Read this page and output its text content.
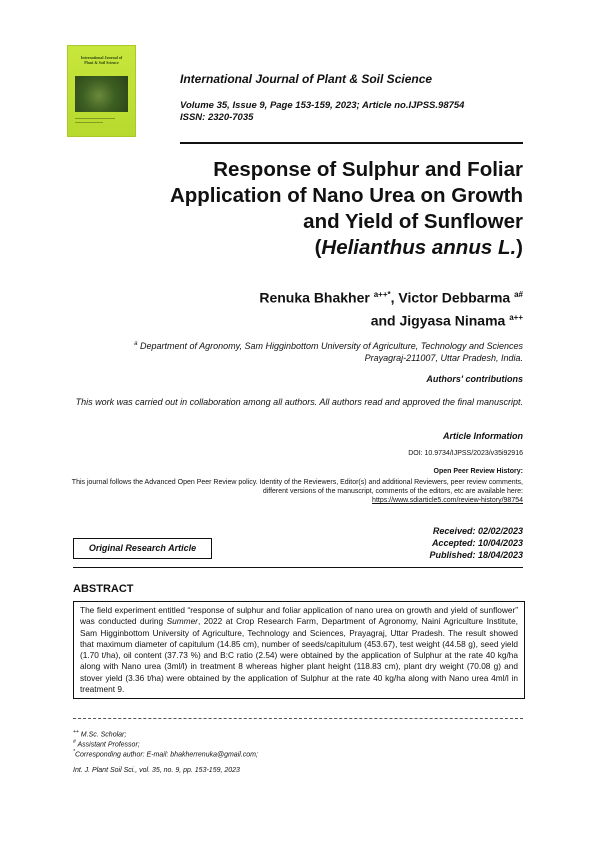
International Journal of
Plant & Soil Science
International Journal of Plant & Soil Science
Volume 35, Issue 9, Page 153-159, 2023; Article no.IJPSS.98754
ISSN: 2320-7035
Response of Sulphur and Foliar
Application of Nano Urea on Growth
and Yield of Sunflower
(Helianthus annus L.)
Renuka Bhakher $^{a++*}$, Victor Debbarma $^{a\#}$
and Jigyasa Ninama $^{a++}$
$^a$ Department of Agronomy, Sam Higginbottom University of Agriculture, Technology and Sciences
Prayagraj-211007, Uttar Pradesh, India.
Authors' contributions
This work was carried out in collaboration among all authors. All authors read and approved the final manuscript.
Article Information
DOI: 10.9734/IJPSS/2023/v35i92916
Open Peer Review History:
This journal follows the Advanced Open Peer Review policy. Identity of the Reviewers, Editor(s) and additional Reviewers, peer review comments, different versions of the manuscript, comments of the editors, etc are available here:
https://www.sdiarticle5.com/review-history/98754
Received: 02/02/2023
Accepted: 10/04/2023
Published: 18/04/2023
Original Research Article
ABSTRACT
The field experiment entitled “response of sulphur and foliar application of nano urea on growth and yield of sunflower” was conducted during Summer, 2022 at Crop Research Farm, Department of Agronomy, Naini Agriculture Institute, Sam Higginbottom University of Agriculture, Technology and Sciences, Prayagraj, Uttar Pradesh. The result showed that maximum diameter of capitulum (14.85 cm), number of seeds/capitulum (453.67), test weight (44.58 g), seed yield (1.70 t/ha), oil content (37.73 %) and B:C ratio (2.54) were obtained by the application of Sulphur at the rate 40 kg/ha along with Nano urea (3ml/l) in treatment 8 whereas higher plant height (118.83 cm), plant dry weight (70.08 g) and stover yield (3.36 t/ha) were obtained by the application of Sulphur at the rate 40 kg/ha along with Nano urea 4ml/l in treatment 9.
++ M.Sc. Scholar;
# Assistant Professor;
*Corresponding author: E-mail: bhakherrenuka@gmail.com;
Int. J. Plant Soil Sci., vol. 35, no. 9, pp. 153-159, 2023
